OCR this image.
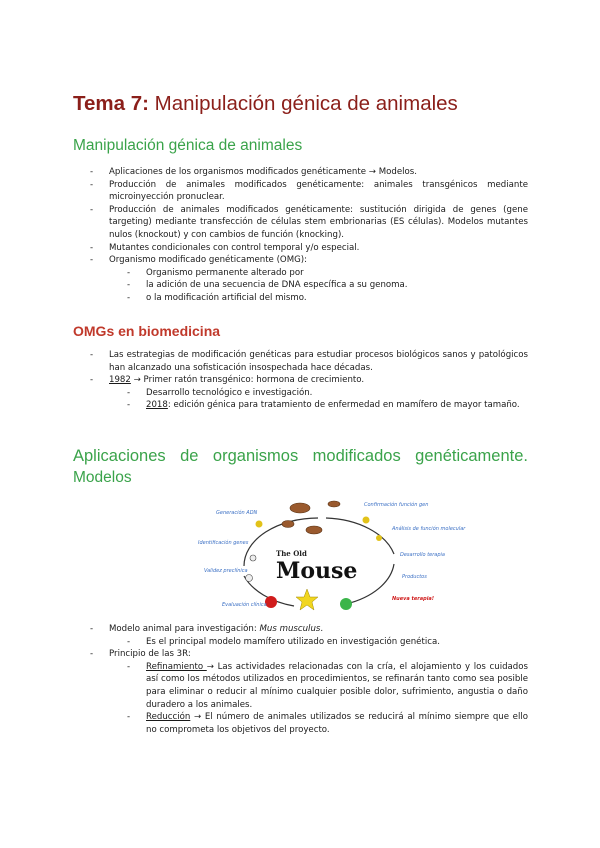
Tema 7: Manipulación génica de animales
Manipulación génica de animales
- Aplicaciones de los organismos modificados genéticamente → Modelos.
- Producción de animales modificados genéticamente: animales transgénicos mediante microinyección pronuclear.
- Producción de animales modificados genéticamente: sustitución dirigida de genes (gene targeting) mediante transfección de células stem embrionarias (ES células). Modelos mutantes nulos (knockout) y con cambios de función (knocking).
- Mutantes condicionales con control temporal y/o especial.
- Organismo modificado genéticamente (OMG):
- Organismo permanente alterado por
- la adición de una secuencia de DNA específica a su genoma.
- o la modificación artificial del mismo.
OMGs en biomedicina
- Las estrategias de modificación genéticas para estudiar procesos biológicos sanos y patológicos han alcanzado una sofisticación insospechada hace décadas.
- 1982 → Primer ratón transgénico: hormona de crecimiento.
- Desarrollo tecnológico e investigación.
- 2018: edición génica para tratamiento de enfermedad en mamífero de mayor tamaño.
Aplicaciones de organismos modificados genéticamente.
Modelos
The Old
Mouse
Generación ADN
Confirmación función gen
Análisis de función molecular
Desarrollo terapia
Productos
Nueva terapia!
Evaluación clínica
Validez preclínica
Identificación genes
- Modelo animal para investigación: Mus musculus.
- Es el principal modelo mamífero utilizado en investigación genética.
- Principio de las 3R:
- Refinamiento → Las actividades relacionadas con la cría, el alojamiento y los cuidados así como los métodos utilizados en procedimientos, se refinarán tanto como sea posible para eliminar o reducir al mínimo cualquier posible dolor, sufrimiento, angustia o daño duradero a los animales.
- Reducción → El número de animales utilizados se reducirá al mínimo siempre que ello no comprometa los objetivos del proyecto.
